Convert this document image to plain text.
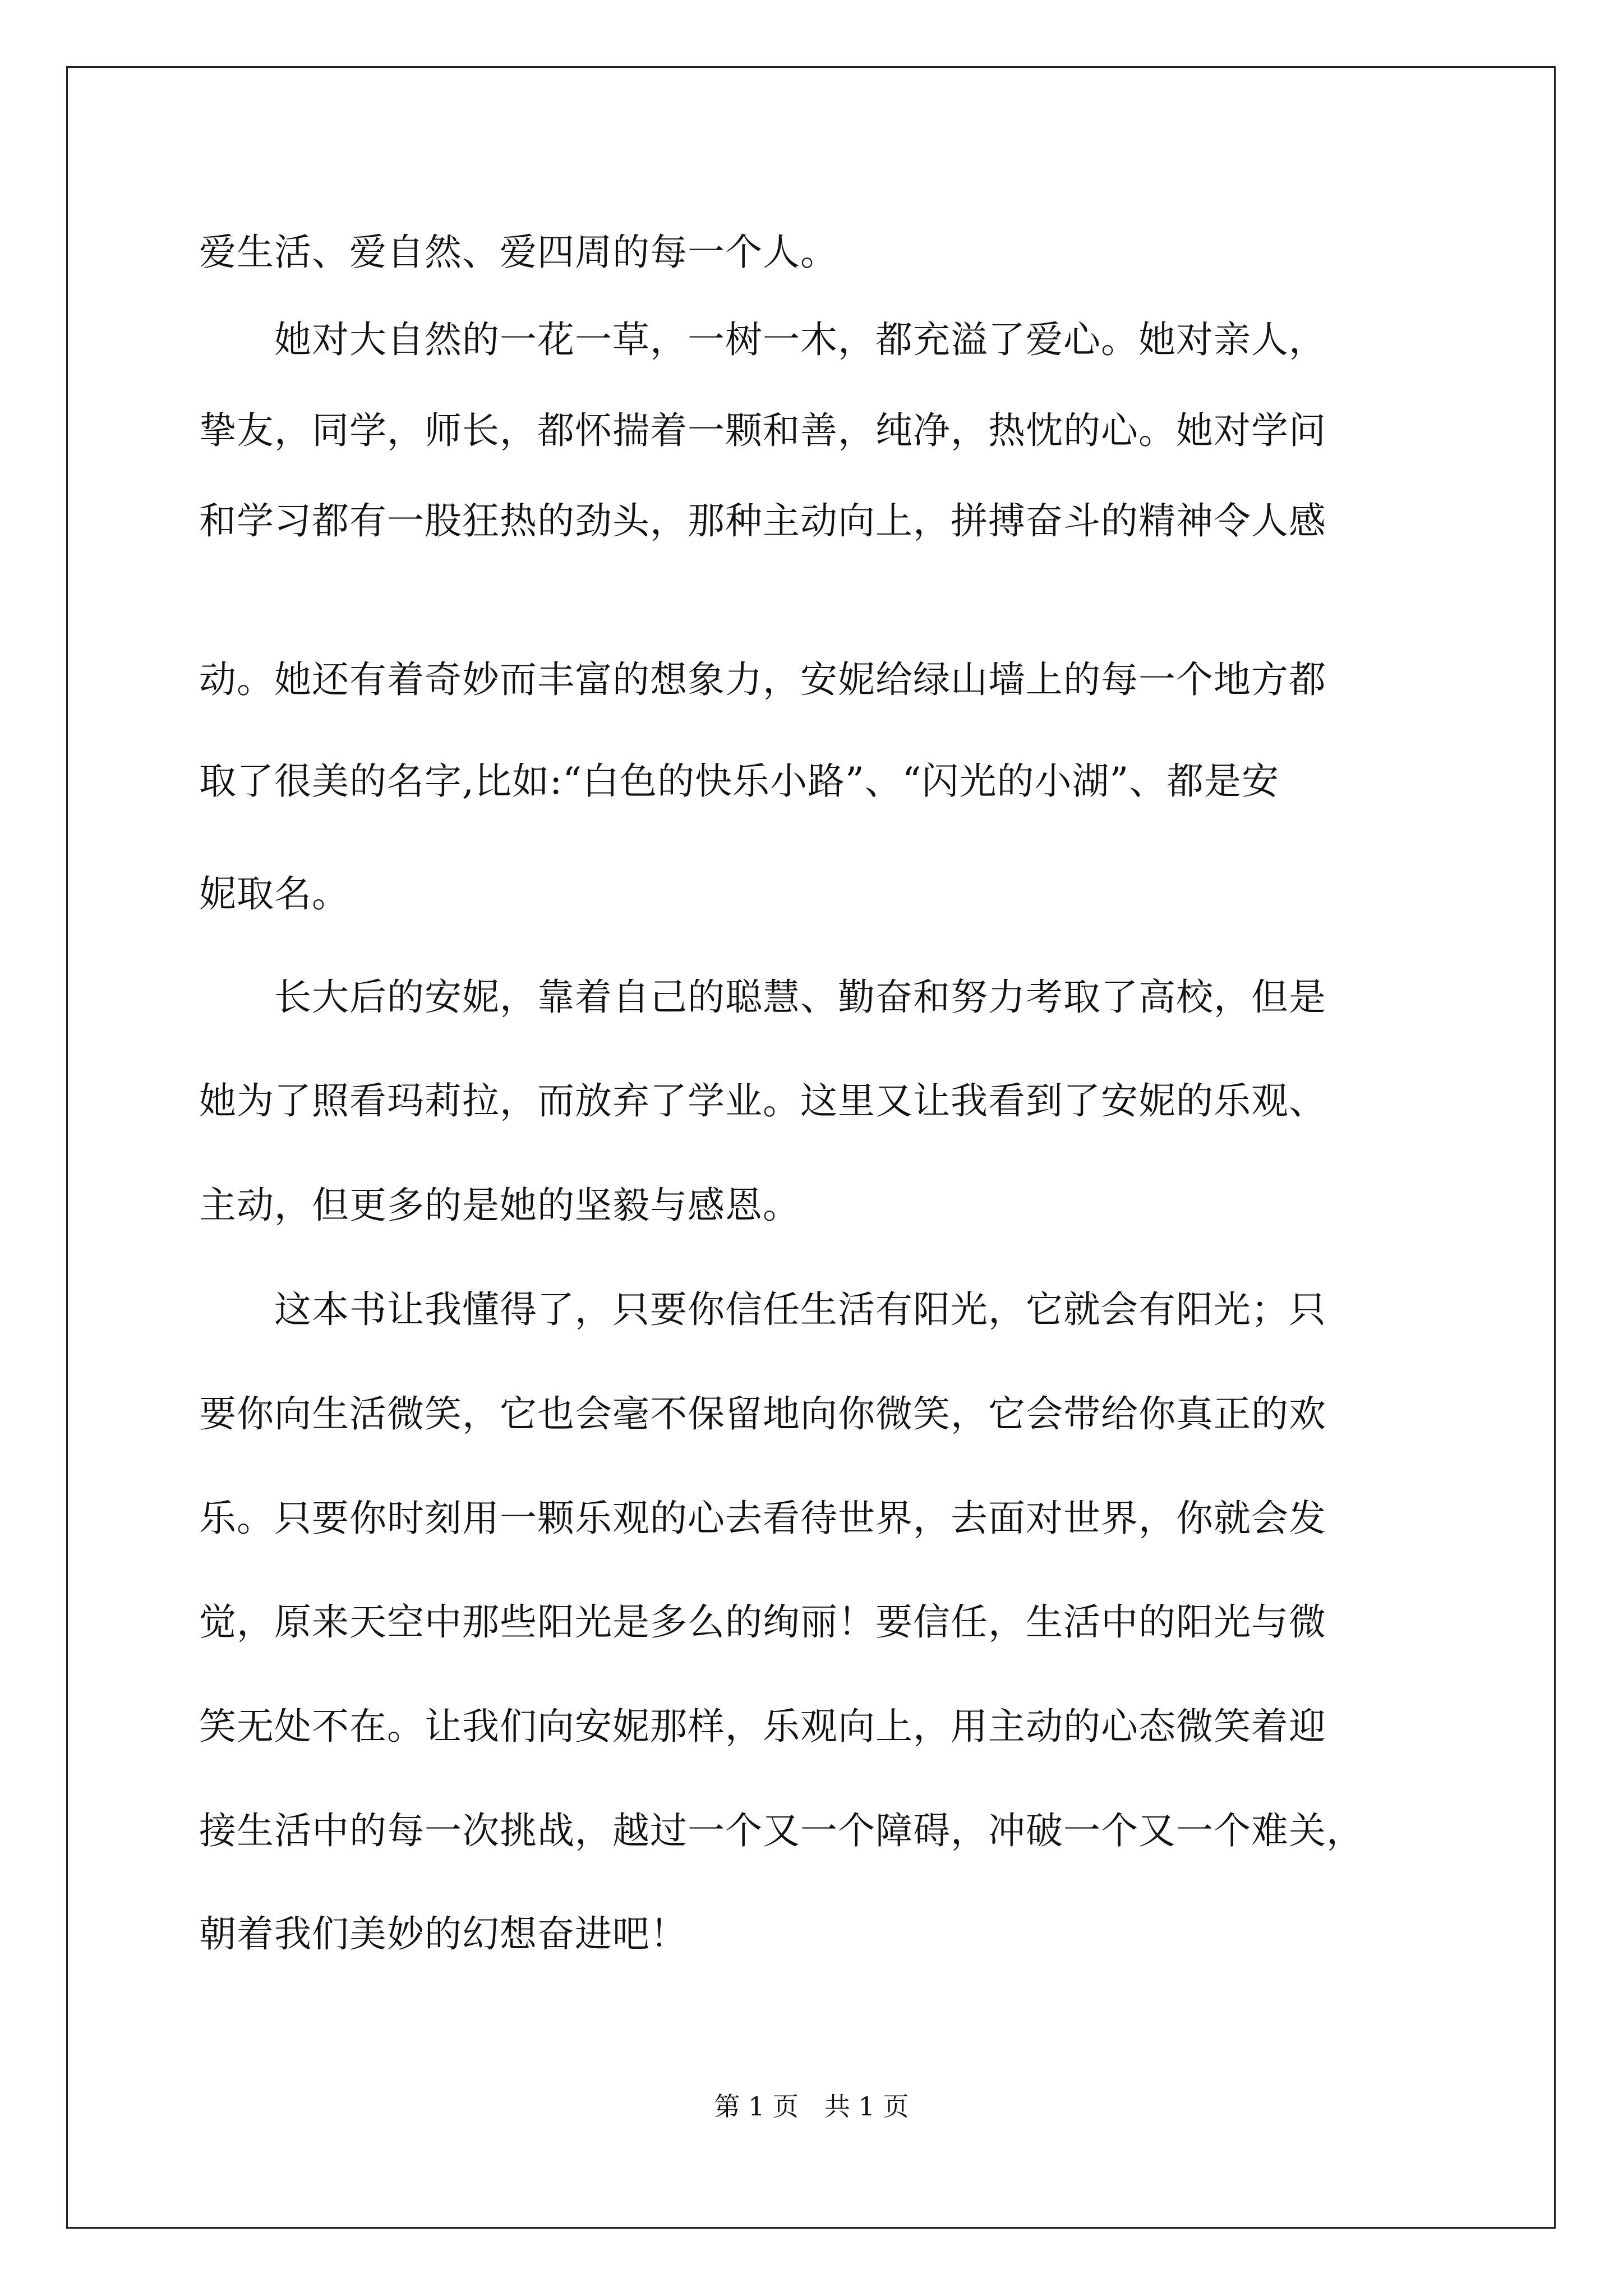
爱生活、爱自然、爱四周的每一个人。
　　她对大自然的一花一草，一树一木，都充溢了爱心。她对亲人，
挚友，同学，师长，都怀揣着一颗和善，纯净，热忱的心。她对学问
和学习都有一股狂热的劲头，那种主动向上，拼搏奋斗的精神令人感
动。她还有着奇妙而丰富的想象力，安妮给绿山墙上的每一个地方都
取了很美的名字,比如:“白色的快乐小路”、“闪光的小湖”、都是安
妮取名。
　　长大后的安妮，靠着自己的聪慧、勤奋和努力考取了高校，但是
她为了照看玛莉拉，而放弃了学业。这里又让我看到了安妮的乐观、
主动，但更多的是她的坚毅与感恩。
　　这本书让我懂得了，只要你信任生活有阳光，它就会有阳光；只
要你向生活微笑，它也会毫不保留地向你微笑，它会带给你真正的欢
乐。只要你时刻用一颗乐观的心去看待世界，去面对世界，你就会发
觉，原来天空中那些阳光是多么的绚丽！要信任，生活中的阳光与微
笑无处不在。让我们向安妮那样，乐观向上，用主动的心态微笑着迎
接生活中的每一次挑战，越过一个又一个障碍，冲破一个又一个难关，
朝着我们美妙的幻想奋进吧！
第 1 页　共 1 页
